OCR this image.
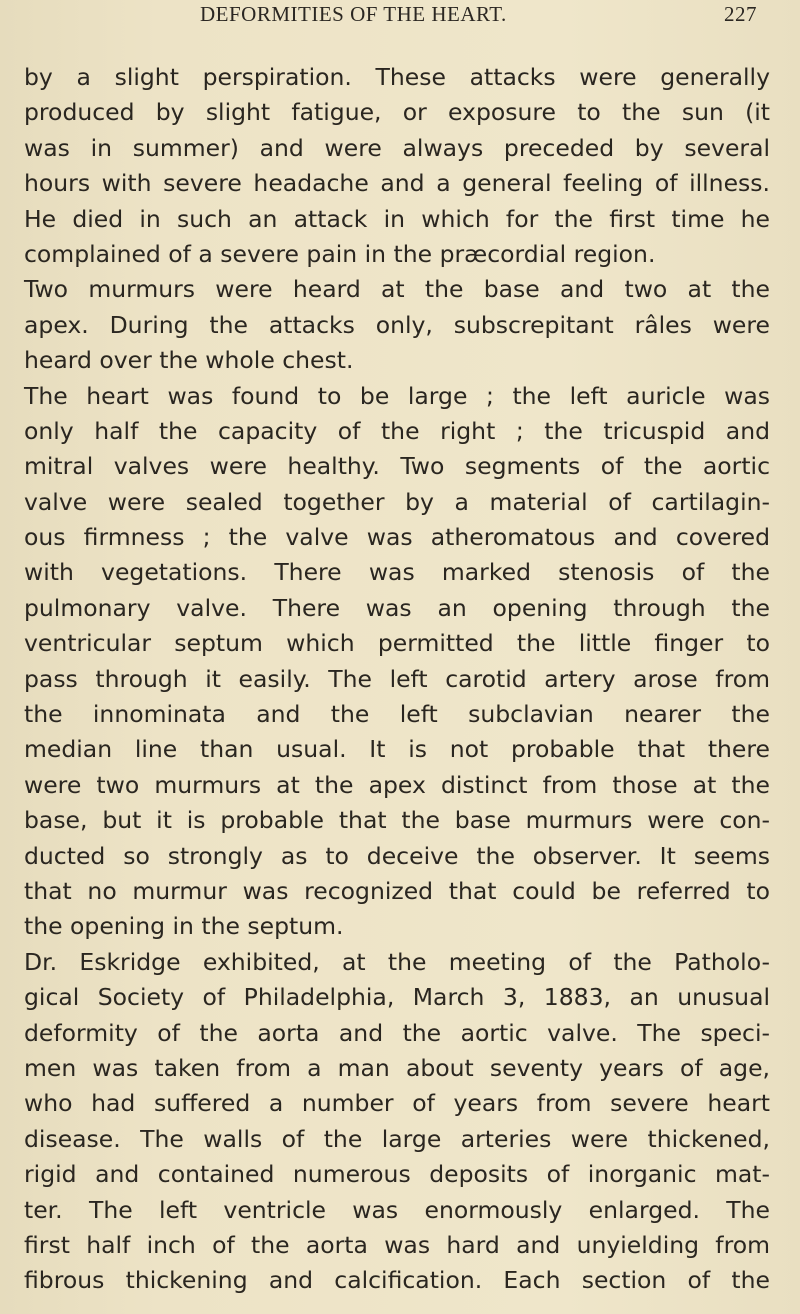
DEFORMITIES OF THE HEART.	227
by a slight perspiration. These attacks were generally
produced by slight fatigue, or exposure to the sun (it
was in summer) and were always preceded by several
hours with severe headache and a general feeling of illness.
He died in such an attack in which for the first time he
complained of a severe pain in the præcordial region.
Two murmurs were heard at the base and two at the
apex. During the attacks only, subscrepitant râles were
heard over the whole chest.
The heart was found to be large ; the left auricle was
only half the capacity of the right ; the tricuspid and
mitral valves were healthy. Two segments of the aortic
valve were sealed together by a material of cartilagin-
ous firmness ; the valve was atheromatous and covered
with vegetations. There was marked stenosis of the
pulmonary valve. There was an opening through the
ventricular septum which permitted the little finger to
pass through it easily. The left carotid artery arose from
the innominata and the left subclavian nearer the
median line than usual. It is not probable that there
were two murmurs at the apex distinct from those at the
base, but it is probable that the base murmurs were con-
ducted so strongly as to deceive the observer. It seems
that no murmur was recognized that could be referred to
the opening in the septum.
Dr. Eskridge exhibited, at the meeting of the Patholo-
gical Society of Philadelphia, March 3, 1883, an unusual
deformity of the aorta and the aortic valve. The speci-
men was taken from a man about seventy years of age,
who had suffered a number of years from severe heart
disease. The walls of the large arteries were thickened,
rigid and contained numerous deposits of inorganic mat-
ter. The left ventricle was enormously enlarged. The
first half inch of the aorta was hard and unyielding from
fibrous thickening and calcification. Each section of the
